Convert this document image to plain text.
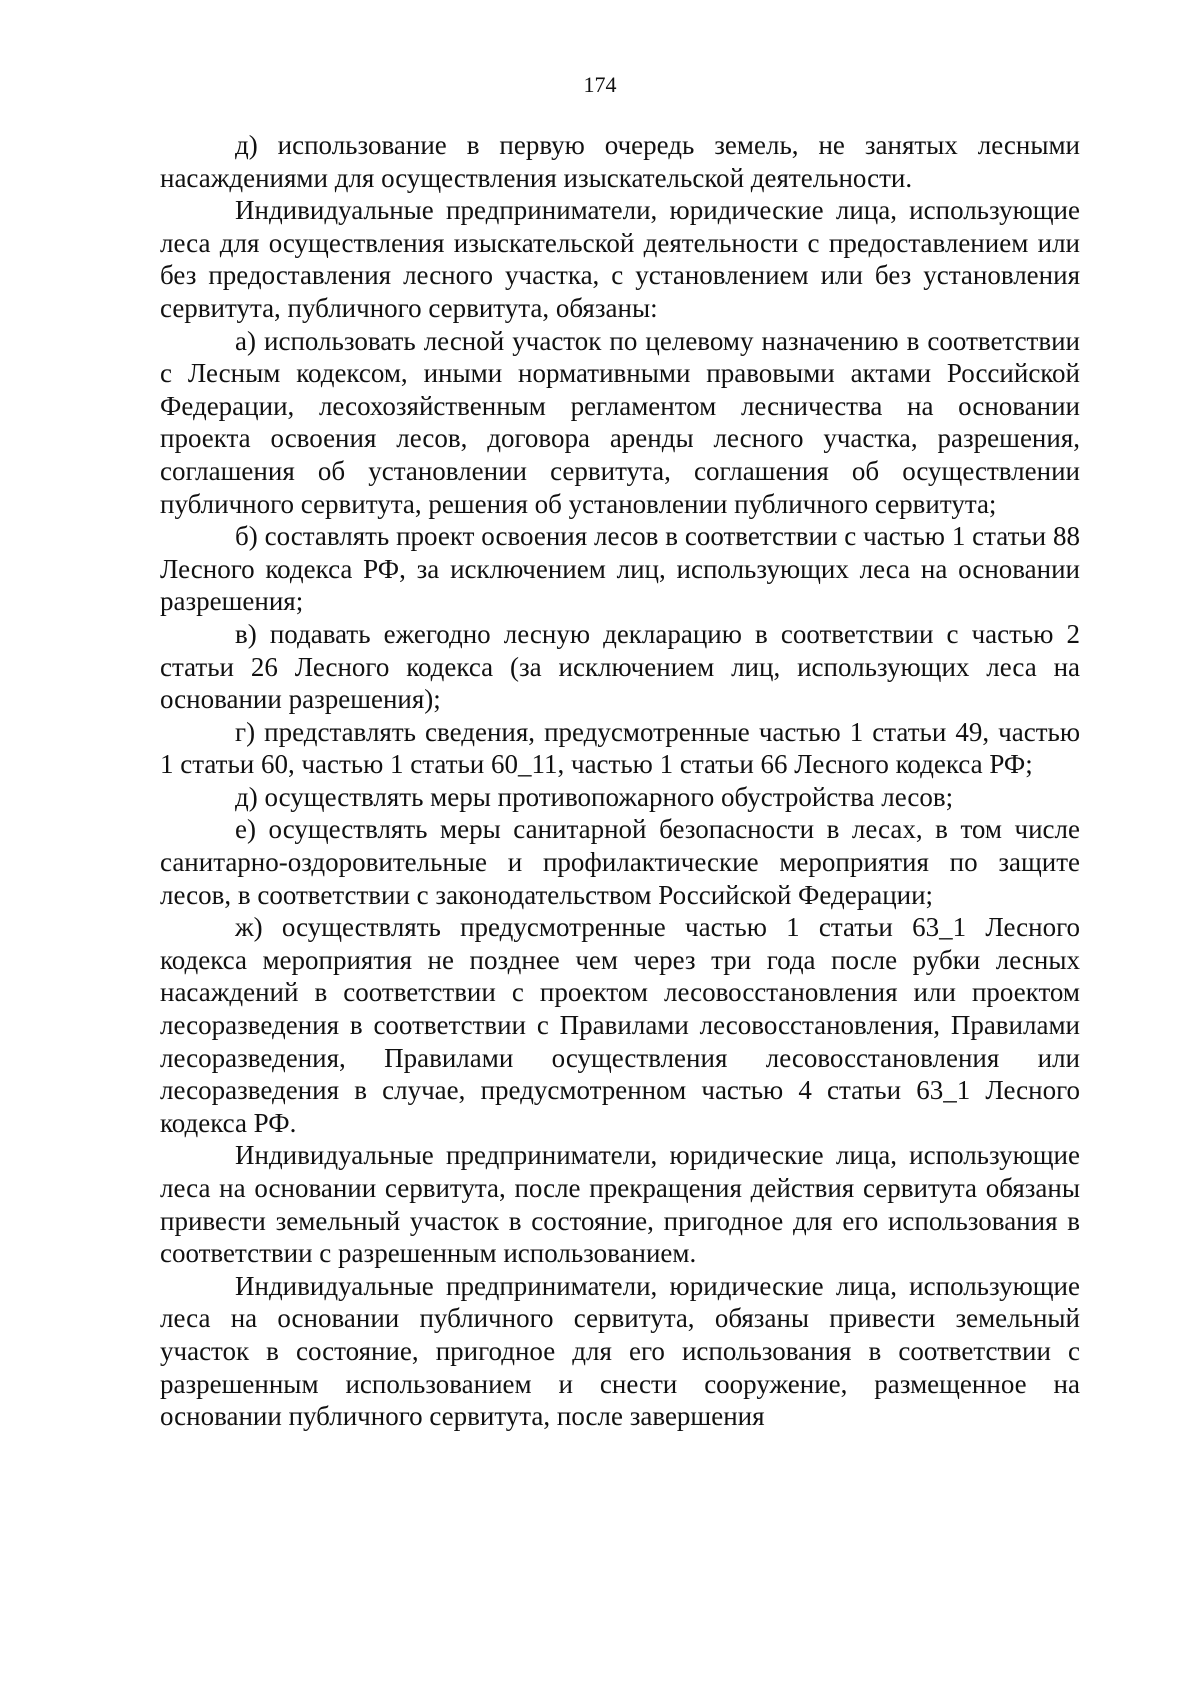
174

д) использование в первую очередь земель, не занятых лесными насаждениями для осуществления изыскательской деятельности.

Индивидуальные предприниматели, юридические лица, использующие леса для осуществления изыскательской деятельности с предоставлением или без предоставления лесного участка, с установлением или без установления сервитута, публичного сервитута, обязаны:

а) использовать лесной участок по целевому назначению в соответствии с Лесным кодексом, иными нормативными правовыми актами Российской Федерации, лесохозяйственным регламентом лесничества на основании проекта освоения лесов, договора аренды лесного участка, разрешения, соглашения об установлении сервитута, соглашения об осуществлении публичного сервитута, решения об установлении публичного сервитута;

б) составлять проект освоения лесов в соответствии с частью 1 статьи 88 Лесного кодекса РФ, за исключением лиц, использующих леса на основании разрешения;

в) подавать ежегодно лесную декларацию в соответствии с частью 2 статьи 26 Лесного кодекса (за исключением лиц, использующих леса на основании разрешения);

г) представлять сведения, предусмотренные частью 1 статьи 49, частью 1 статьи 60, частью 1 статьи 60_11, частью 1 статьи 66 Лесного кодекса РФ;

д) осуществлять меры противопожарного обустройства лесов;

е) осуществлять меры санитарной безопасности в лесах, в том числе санитарно-оздоровительные и профилактические мероприятия по защите лесов, в соответствии с законодательством Российской Федерации;

ж) осуществлять предусмотренные частью 1 статьи 63_1 Лесного кодекса мероприятия не позднее чем через три года после рубки лесных насаждений в соответствии с проектом лесовосстановления или проектом лесоразведения в соответствии с Правилами лесовосстановления, Правилами лесоразведения, Правилами осуществления лесовосстановления или лесоразведения в случае, предусмотренном частью 4 статьи 63_1 Лесного кодекса РФ.

Индивидуальные предприниматели, юридические лица, использующие леса на основании сервитута, после прекращения действия сервитута обязаны привести земельный участок в состояние, пригодное для его использования в соответствии с разрешенным использованием.

Индивидуальные предприниматели, юридические лица, использующие леса на основании публичного сервитута, обязаны привести земельный участок в состояние, пригодное для его использования в соответствии с разрешенным использованием и снести сооружение, размещенное на основании публичного сервитута, после завершения
